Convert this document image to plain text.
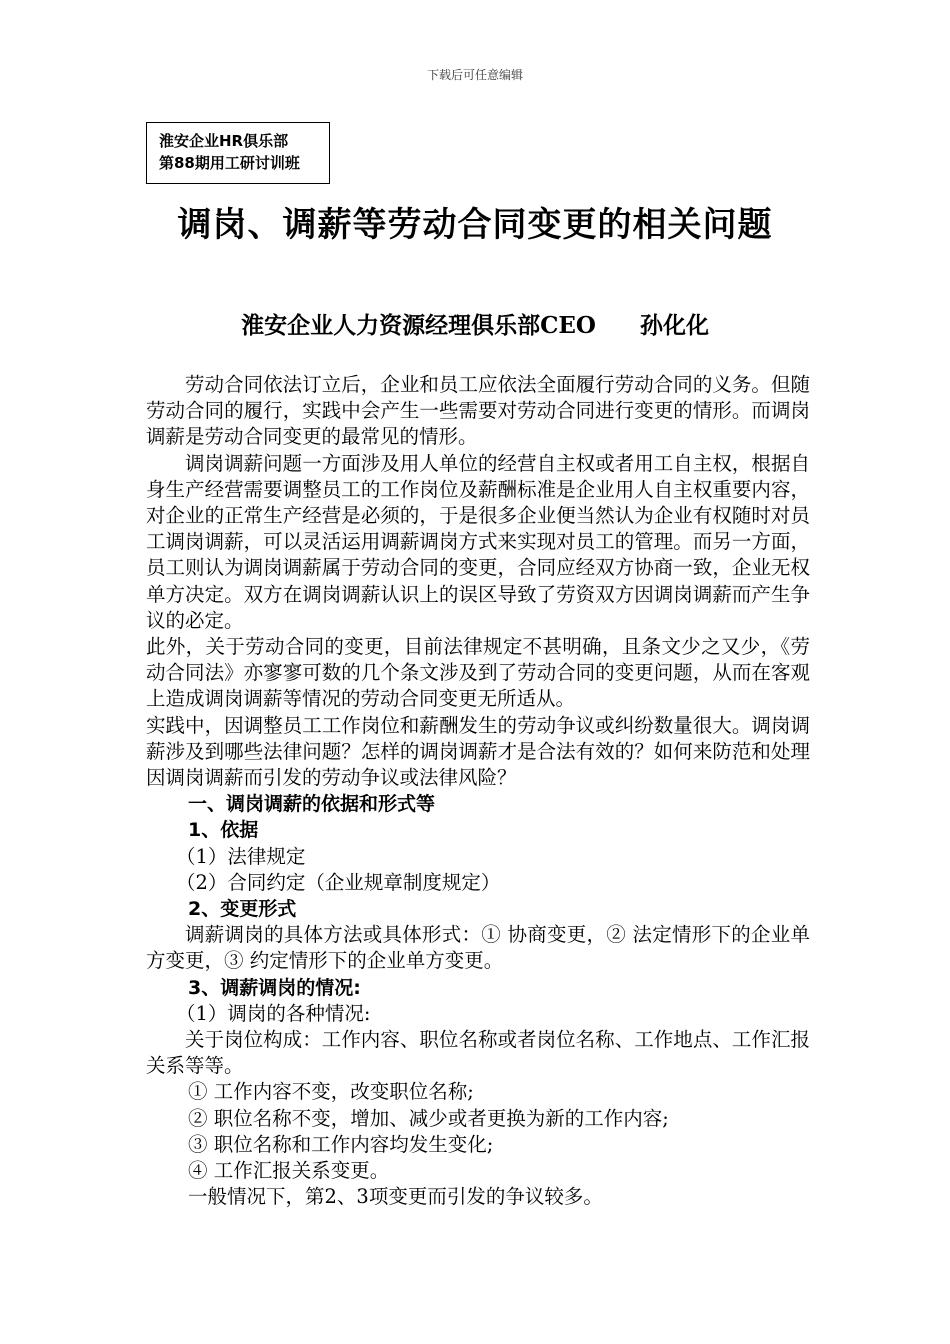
下载后可任意编辑
淮安企业HR俱乐部
第88期用工研讨训班
调岗、调薪等劳动合同变更的相关问题
淮安企业人力资源经理俱乐部CEO 孙化化

劳动合同依法订立后，企业和员工应依法全面履行劳动合同的义务。但随劳动合同的履行，实践中会产生一些需要对劳动合同进行变更的情形。而调岗调薪是劳动合同变更的最常见的情形。

调岗调薪问题一方面涉及用人单位的经营自主权或者用工自主权，根据自身生产经营需要调整员工的工作岗位及薪酬标准是企业用人自主权重要内容，对企业的正常生产经营是必须的，于是很多企业便当然认为企业有权随时对员工调岗调薪，可以灵活运用调薪调岗方式来实现对员工的管理。而另一方面，员工则认为调岗调薪属于劳动合同的变更，合同应经双方协商一致，企业无权单方决定。双方在调岗调薪认识上的误区导致了劳资双方因调岗调薪而产生争议的必定。

此外，关于劳动合同的变更，目前法律规定不甚明确，且条文少之又少，《劳动合同法》亦寥寥可数的几个条文涉及到了劳动合同的变更问题，从而在客观上造成调岗调薪等情况的劳动合同变更无所适从。

实践中，因调整员工工作岗位和薪酬发生的劳动争议或纠纷数量很大。调岗调薪涉及到哪些法律问题？怎样的调岗调薪才是合法有效的？如何来防范和处理因调岗调薪而引发的劳动争议或法律风险？

一、调岗调薪的依据和形式等

1、依据

（1）法律规定

（2）合同约定（企业规章制度规定）

2、变更形式

调薪调岗的具体方法或具体形式：① 协商变更，② 法定情形下的企业单方变更，③ 约定情形下的企业单方变更。

3、调薪调岗的情况:

（1）调岗的各种情况:

关于岗位构成：工作内容、职位名称或者岗位名称、工作地点、工作汇报关系等等。

① 工作内容不变，改变职位名称;

② 职位名称不变，增加、减少或者更换为新的工作内容;

③ 职位名称和工作内容均发生变化;

④ 工作汇报关系变更。

一般情况下，第2、3项变更而引发的争议较多。
